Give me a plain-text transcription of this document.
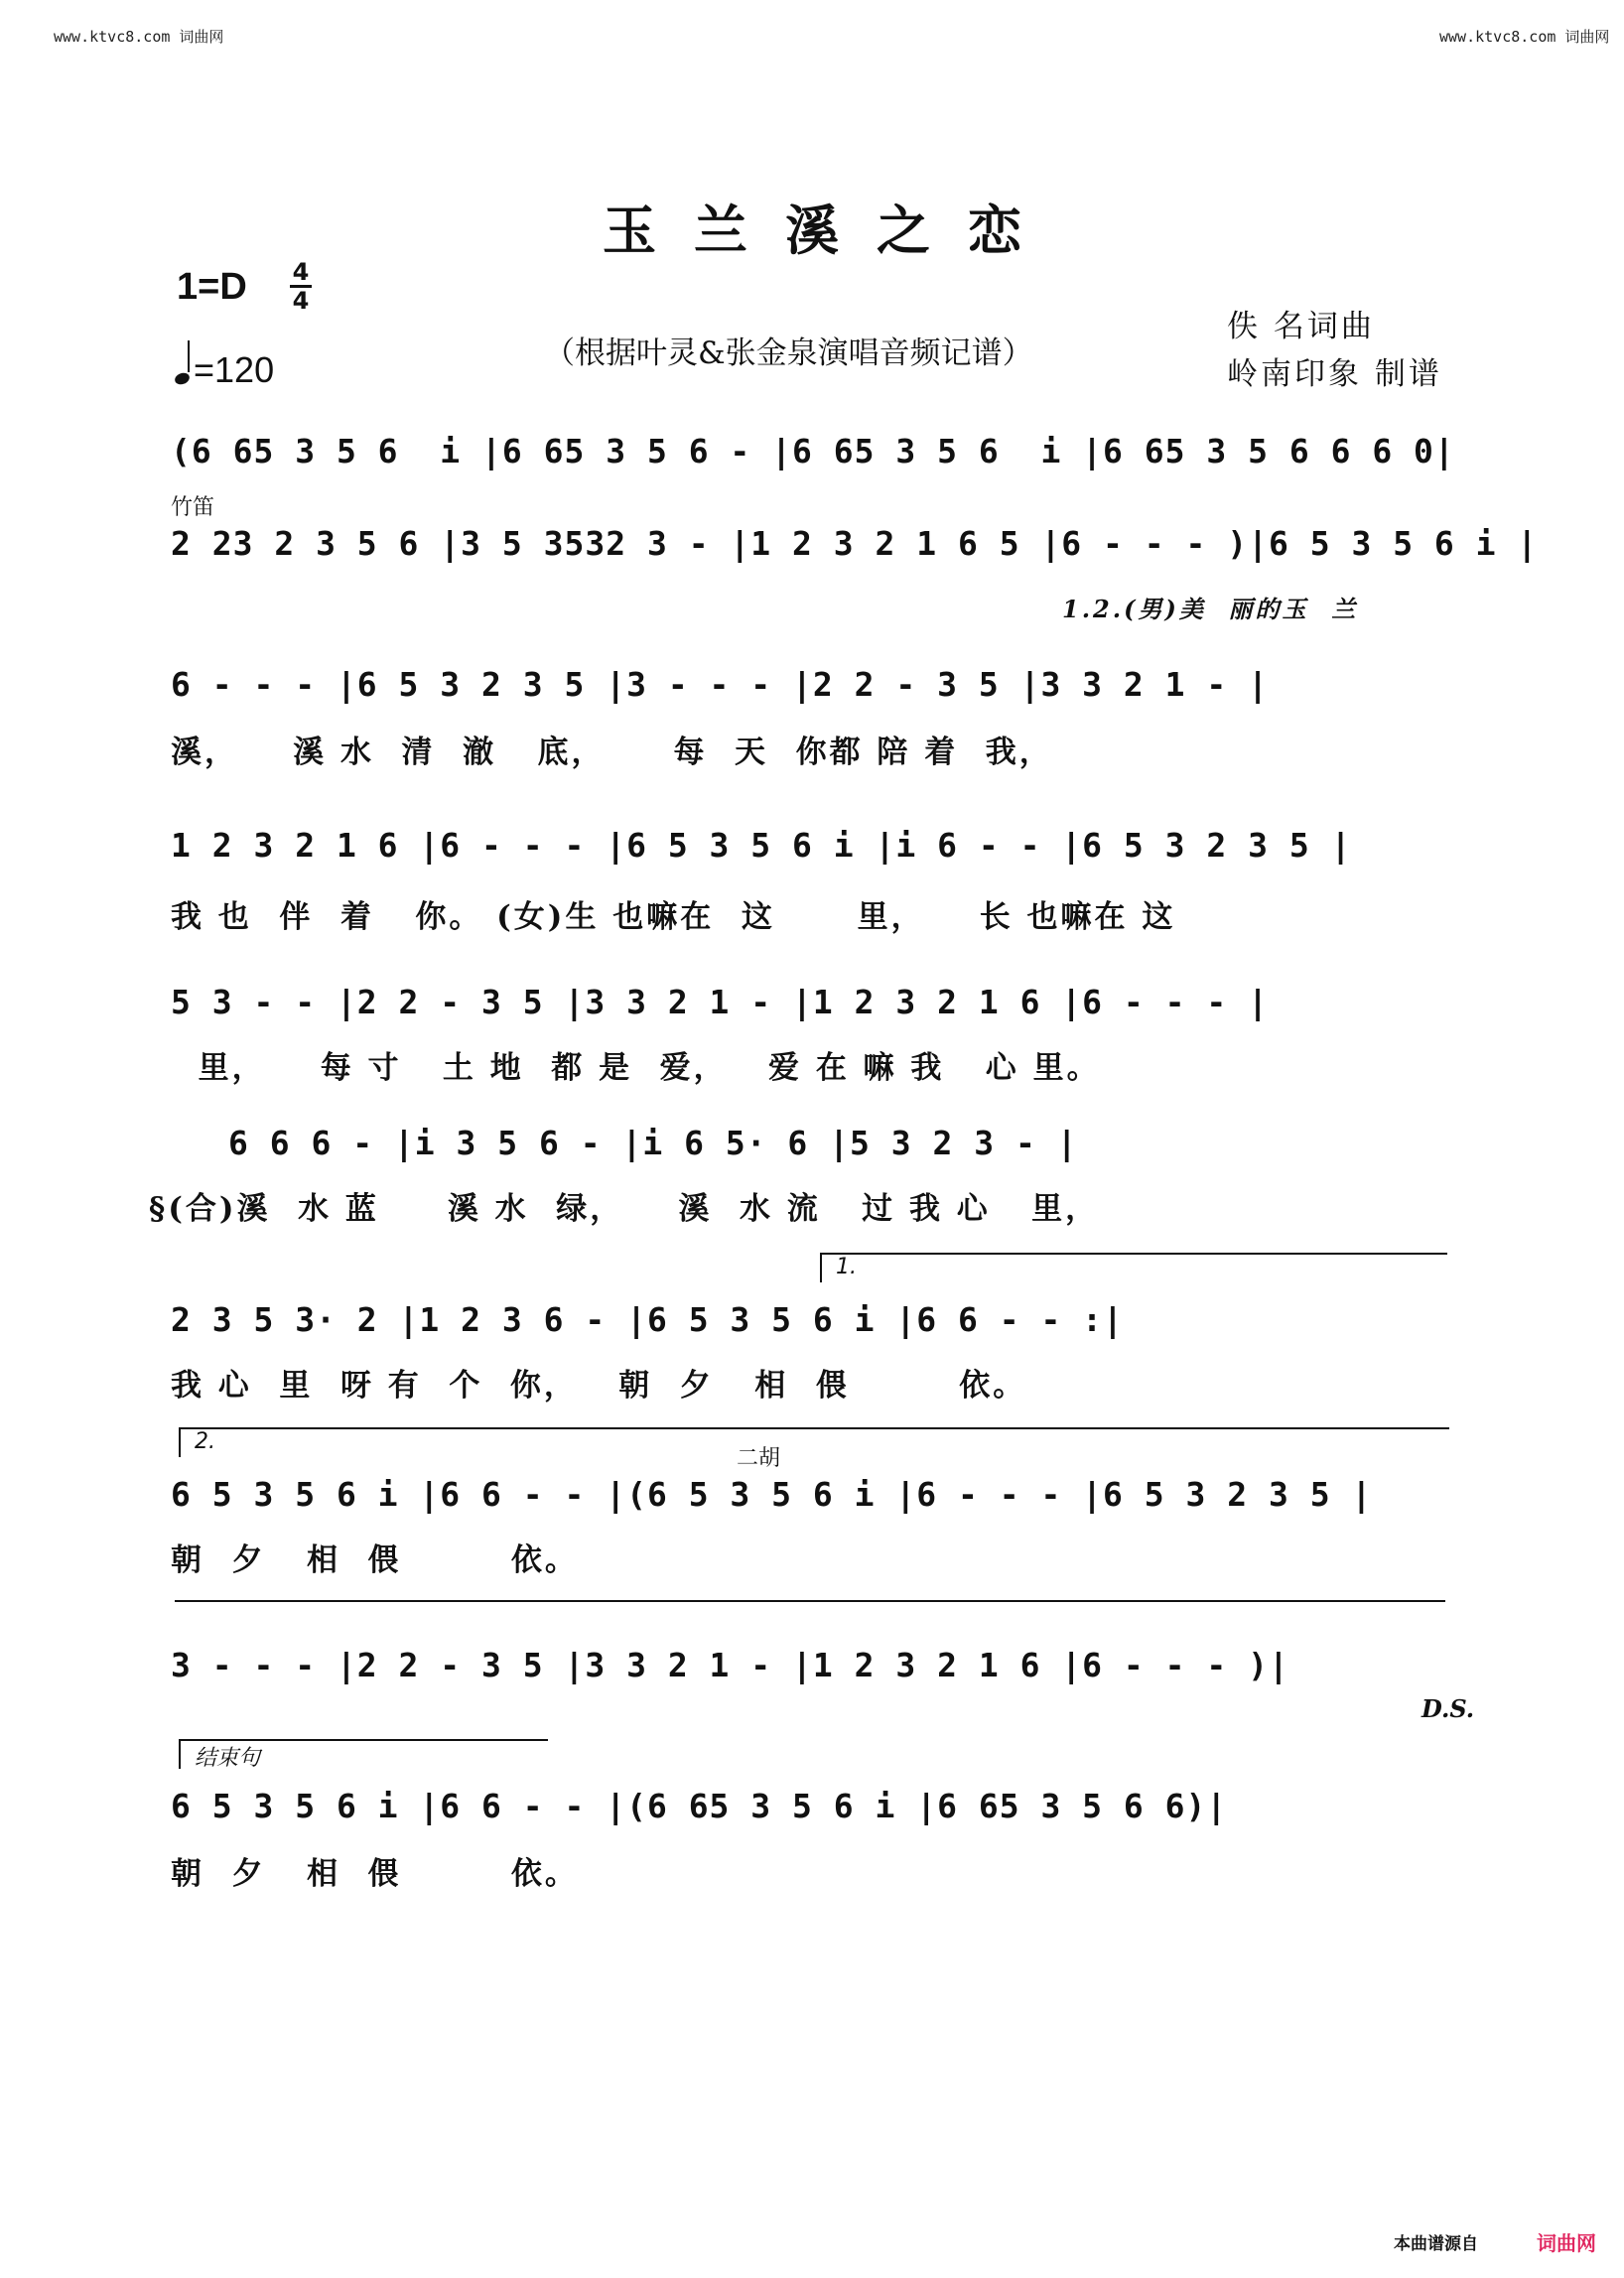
www.ktvc8.com 词曲网	www.ktvc8.com 词曲网
玉兰溪之恋
1=D 4
4
=120	（根据叶灵&张金泉演唱音频记谱）
佚 名词曲
岭南印象 制谱
竹笛
二胡
(6 65 3 5 6  i |6 65 3 5 6 - |6 65 3 5 6  i |6 65 3 5 6 6 6 0|
2 23 2 3 5 6 |3 5 3532 3 - |1 2 3 2 1 6 5 |6 - - - )|6 5 3 5 6 i |
1.2.(男)美  丽的玉  兰
6 - - - |6 5 3 2 3 5 |3 - - - |2 2 - 3 5 |3 3 2 1 - |
溪，    溪 水  清  澈   底，     每  天  你都 陪 着  我，
1 2 3 2 1 6 |6 - - - |6 5 3 5 6 i |i 6 - - |6 5 3 2 3 5 |
我 也  伴  着   你。 (女)生 也嘛在  这      里，    长 也嘛在 这
5 3 - - |2 2 - 3 5 |3 3 2 1 - |1 2 3 2 1 6 |6 - - - |
里，    每 寸   土 地  都 是  爱，   爱 在 嘛 我   心 里。
6 6 6 - |i 3 5 6 - |i 6 5· 6 |5 3 2 3 - |
§(合)溪  水 蓝     溪 水  绿，    溪  水 流   过 我 心   里，
1.
2 3 5 3· 2 |1 2 3 6 - |6 5 3 5 6 i |6 6 - - :|
我 心  里  呀 有  个  你，   朝  夕   相  偎        依。
2.
6 5 3 5 6 i |6 6 - - |(6 5 3 5 6 i |6 - - - |6 5 3 2 3 5 |
朝  夕   相  偎        依。
3 - - - |2 2 - 3 5 |3 3 2 1 - |1 2 3 2 1 6 |6 - - - )|
D.S.
结束句
6 5 3 5 6 i |6 6 - - |(6 65 3 5 6 i |6 65 3 5 6 6)|
朝  夕   相  偎        依。
本曲谱源自	词曲网
